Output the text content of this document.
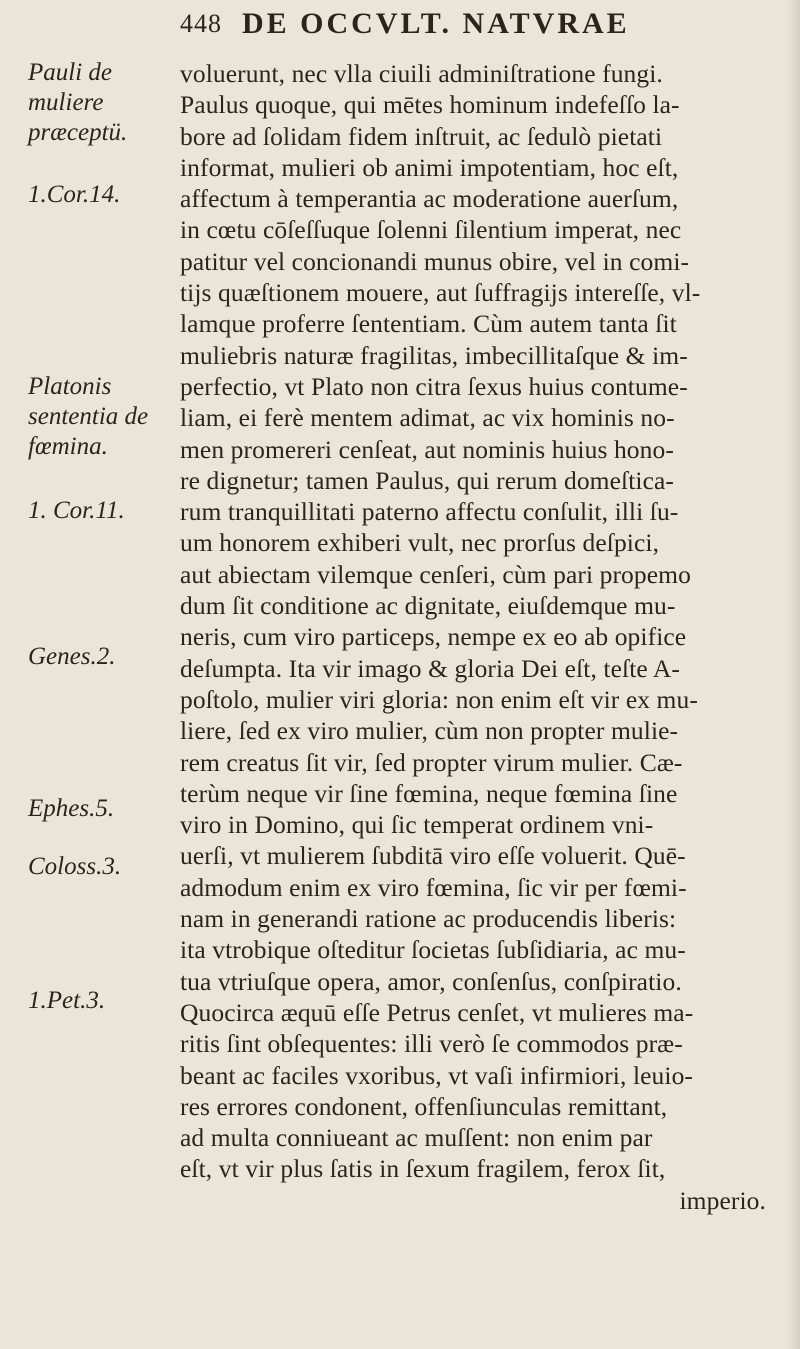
448 DE OCCVLT. NATVRAE
Pauli de
muliere
præceptü.
1.Cor.14.
Platonis
sententia de
fœmina.
1. Cor.11.
Genes.2.
Ephes.5.
Coloss.3.
1.Pet.3.
voluerunt, nec vlla ciuili adminiſtratione fungi.
Paulus quoque, qui mētes hominum indefeſſo la-
bore ad ſolidam fidem inſtruit, ac ſedulò pietati
informat, mulieri ob animi impotentiam, hoc eſt,
affectum à temperantia ac moderatione auerſum,
in cœtu cōſeſſuque ſolenni ſilentium imperat, nec
patitur vel concionandi munus obire, vel in comi-
tijs quæſtionem mouere, aut ſuffragijs intereſſe, vl-
lamque proferre ſententiam. Cùm autem tanta ſit
muliebris naturæ fragilitas, imbecillitaſque & im-
perfectio, vt Plato non citra ſexus huius contume-
liam, ei ferè mentem adimat, ac vix hominis no-
men promereri cenſeat, aut nominis huius hono-
re dignetur; tamen Paulus, qui rerum domeſtica-
rum tranquillitati paterno affectu conſulit, illi ſu-
um honorem exhiberi vult, nec prorſus deſpici,
aut abiectam vilemque cenſeri, cùm pari propemo
dum ſit conditione ac dignitate, eiuſdemque mu-
neris, cum viro particeps, nempe ex eo ab opifice
deſumpta. Ita vir imago & gloria Dei eſt, teſte A-
poſtolo, mulier viri gloria: non enim eſt vir ex mu-
liere, ſed ex viro mulier, cùm non propter mulie-
rem creatus ſit vir, ſed propter virum mulier. Cæ-
terùm neque vir ſine fœmina, neque fœmina ſine
viro in Domino, qui ſic temperat ordinem vni-
uerſi, vt mulierem ſubditā viro eſſe voluerit. Quē-
admodum enim ex viro fœmina, ſic vir per fœmi-
nam in generandi ratione ac producendis liberis:
ita vtrobique oſteditur ſocietas ſubſidiaria, ac mu-
tua vtriuſque opera, amor, conſenſus, conſpiratio.
Quocirca æquū eſſe Petrus cenſet, vt mulieres ma-
ritis ſint obſequentes: illi verò ſe commodos præ-
beant ac faciles vxoribus, vt vaſi infirmiori, leuio-
res errores condonent, offenſiunculas remittant,
ad multa conniueant ac muſſent: non enim par
eſt, vt vir plus ſatis in ſexum fragilem, ferox ſit,
imperio.
